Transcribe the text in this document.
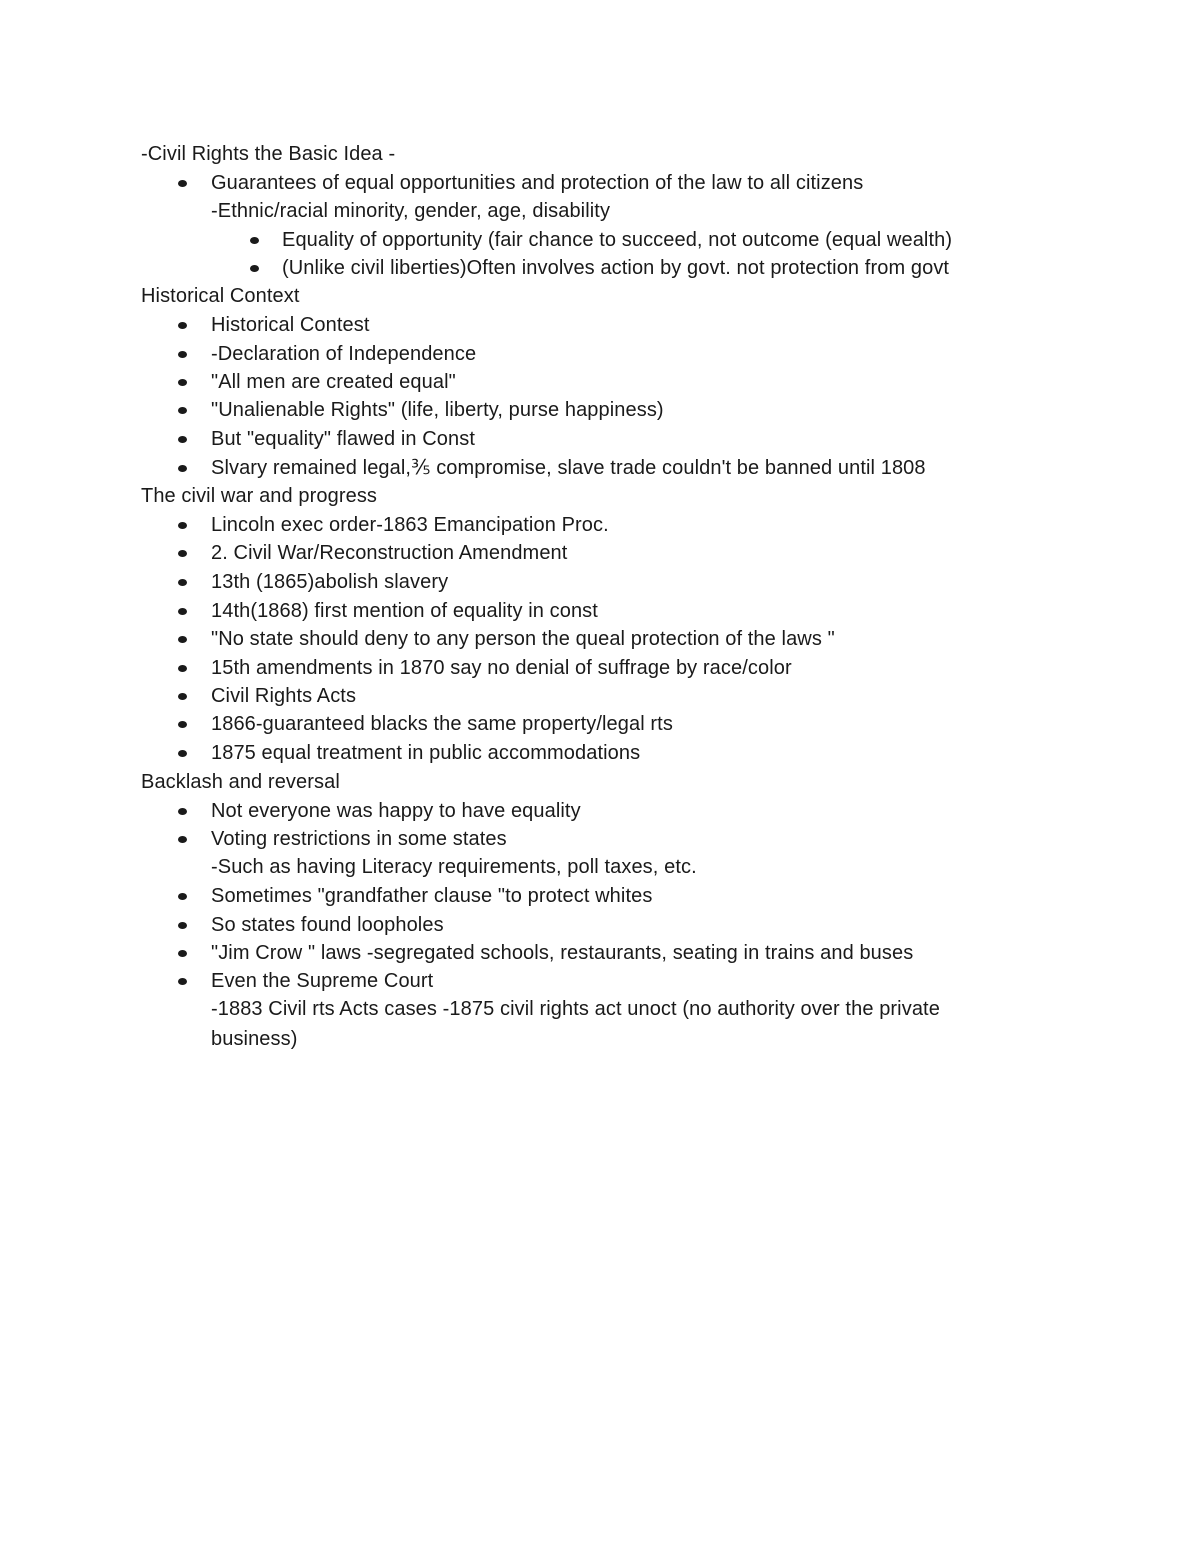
-Civil Rights the Basic Idea -
Guarantees of equal opportunities and protection of the law to all citizens
-Ethnic/racial minority, gender, age, disability
Equality of opportunity (fair chance to succeed, not outcome (equal wealth)
(Unlike civil liberties)Often involves action by govt. not protection from govt
Historical Context
Historical Contest
-Declaration of Independence
"All men are created equal"
"Unalienable Rights" (life, liberty, purse happiness)
But "equality" flawed in Const
Slvary remained legal,⅗ compromise, slave trade couldn't be banned until 1808
The civil war and progress
Lincoln exec order-1863 Emancipation Proc.
2. Civil War/Reconstruction Amendment
13th (1865)abolish slavery
14th(1868) first mention of equality in const
"No state should deny to any person the queal protection of the laws "
15th amendments in 1870 say no denial of suffrage by race/color
Civil Rights Acts
1866-guaranteed blacks the same property/legal rts
1875 equal treatment in public accommodations
Backlash and reversal
Not everyone was happy to have equality
Voting restrictions in some states
-Such as having Literacy requirements, poll taxes, etc.
Sometimes "grandfather clause "to protect whites
So states found loopholes
"Jim Crow " laws -segregated schools, restaurants, seating in trains and buses
Even the Supreme Court
-1883 Civil rts Acts cases -1875 civil rights act unoct (no authority over the private
business)
